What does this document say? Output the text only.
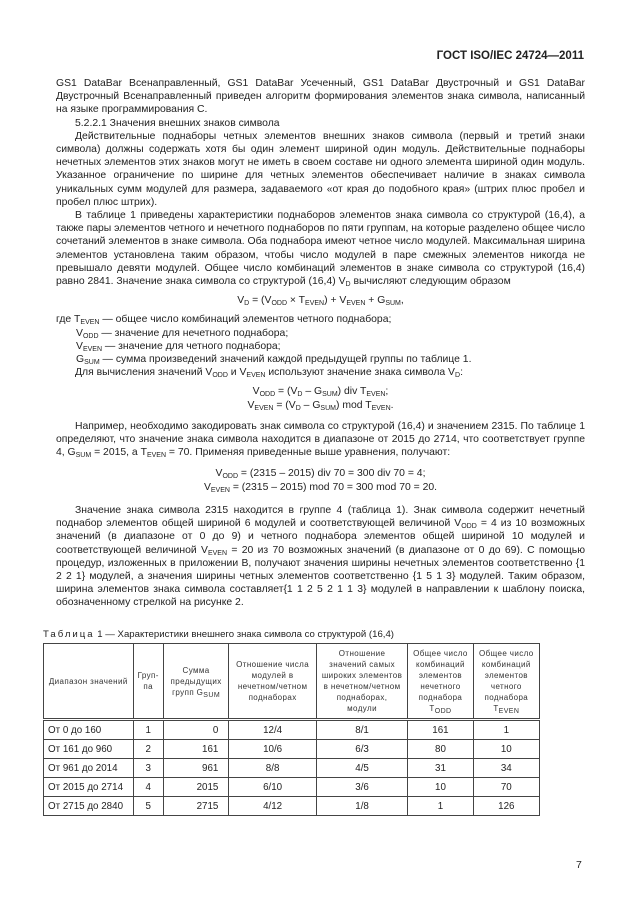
ГОСТ ISO/IEC 24724—2011

GS1 DataBar Всенаправленный, GS1 DataBar Усеченный, GS1 DataBar Двустрочный и GS1 DataBar Двустрочный Всенаправленный приведен алгоритм формирования элементов знака символа, написанный на языке программирования С.

5.2.2.1 Значения внешних знаков символа

Действительные поднаборы четных элементов внешних знаков символа (первый и третий знаки символа) должны содержать хотя бы один элемент шириной один модуль. Действительные поднаборы нечетных элементов этих знаков могут не иметь в своем составе ни одного элемента шириной один модуль. Указанное ограничение по ширине для четных элементов обеспечивает наличие в знаках символа уникальных сумм модулей для размера, задаваемого «от края до подобного края» (штрих плюс пробел и пробел плюс штрих).

В таблице 1 приведены характеристики поднаборов элементов знака символа со структурой (16,4), а также пары элементов четного и нечетного поднаборов по пяти группам, на которые разделено общее число сочетаний элементов в знаке символа. Оба поднабора имеют четное число модулей. Максимальная ширина элементов установлена таким образом, чтобы число модулей в паре смежных элементов никогда не превышало девяти модулей. Общее число комбинаций элементов в знаке символа со структурой (16,4) равно 2841. Значение знака символа со структурой (16,4) $V_D$ вычисляют следующим образом

$V_D = (V_{ODD} \times T_{EVEN}) + V_{EVEN} + G_{SUM}$,
где $T_{EVEN}$ — общее число комбинаций элементов четного поднабора;
$V_{ODD}$ — значение для нечетного поднабора;
$V_{EVEN}$ — значение для четного поднабора;
$G_{SUM}$ — сумма произведений значений каждой предыдущей группы по таблице 1.

Для вычисления значений $V_{ODD}$ и $V_{EVEN}$ используют значение знака символа $V_D$:

$V_{ODD} = (V_D - G_{SUM})$ div $T_{EVEN}$;
$V_{EVEN} = (V_D - G_{SUM})$ mod $T_{EVEN}$.

Например, необходимо закодировать знак символа со структурой (16,4) и значением 2315. По таблице 1 определяют, что значение знака символа находится в диапазоне от 2015 до 2714, что соответствует группе 4, $G_{SUM} = 2015$, а $T_{EVEN} = 70$. Применяя приведенные выше уравнения, получают:

$V_{ODD} = (2315 - 2015)$ div 70 = 300 div 70 = 4;
$V_{EVEN} = (2315 - 2015)$ mod 70 = 300 mod 70 = 20.

Значение знака символа 2315 находится в группе 4 (таблица 1). Знак символа содержит нечетный поднабор элементов общей шириной 6 модулей и соответствующей величиной $V_{ODD} = 4$ из 10 возможных значений (в диапазоне от 0 до 9) и четного поднабора элементов общей шириной 10 модулей и соответствующей величиной $V_{EVEN} = 20$ из 70 возможных значений (в диапазоне от 0 до 69). С помощью процедур, изложенных в приложении В, получают значения ширины нечетных элементов соответственно {1 2 2 1} модулей, а значения ширины четных элементов соответственно {1 5 1 3} модулей. Таким образом, ширина элементов знака символа составляет{1 1 2 5 2 1 1 3} модулей в направлении к шаблону поиска, обозначенному стрелкой на рисунке 2.

Таблица 1 — Характеристики внешнего знака символа со структурой (16,4)
Диапазон значений	Груп-па	Сумма предыдущих групп $G_{SUM}$	Отношение числа модулей в нечетном/четном поднаборах	Отношение значений самых широких элементов в нечетном/четном поднаборах, модули	Общее число комбинаций элементов нечетного поднабора $T_{ODD}$	Общее число комбинаций элементов четного поднабора $T_{EVEN}$
От 0 до 160	1	0	12/4	8/1	161	1
От 161 до 960	2	161	10/6	6/3	80	10
От 961 до 2014	3	961	8/8	4/5	31	34
От 2015 до 2714	4	2015	6/10	3/6	10	70
От 2715 до 2840	5	2715	4/12	1/8	1	126
7
